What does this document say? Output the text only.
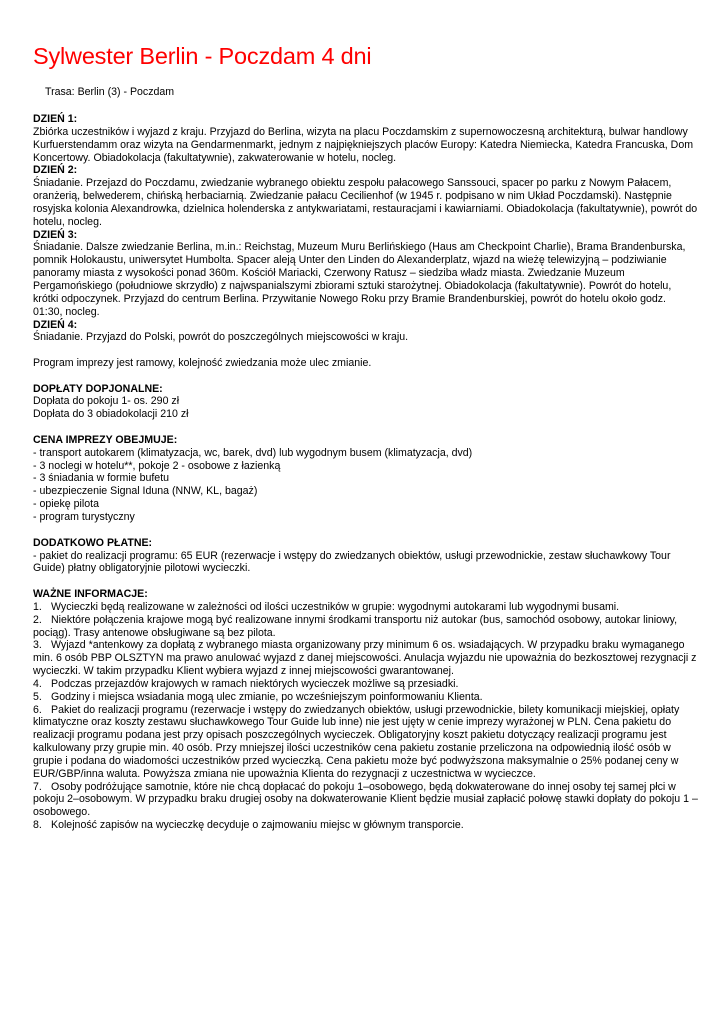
Sylwester Berlin - Poczdam 4 dni
Trasa: Berlin (3) - Poczdam

DZIEŃ 1:

Zbiórka uczestników i wyjazd z kraju. Przyjazd do Berlina, wizyta na placu Poczdamskim z supernowoczesną architekturą, bulwar handlowy Kurfuerstendamm oraz wizyta na Gendarmenmarkt, jednym z najpiękniejszych placów Europy: Katedra Niemiecka, Katedra Francuska, Dom Koncertowy. Obiadokolacja (fakultatywnie), zakwaterowanie w hotelu, nocleg.

DZIEŃ 2:

Śniadanie. Przejazd do Poczdamu, zwiedzanie wybranego obiektu zespołu pałacowego Sanssouci, spacer po parku z Nowym Pałacem, oranżerią, belwederem, chińską herbaciarnią. Zwiedzanie pałacu Cecilienhof (w 1945 r. podpisano w nim Układ Poczdamski). Następnie rosyjska kolonia Alexandrowka, dzielnica holenderska z antykwariatami, restauracjami i kawiarniami. Obiadokolacja (fakultatywnie), powrót do hotelu, nocleg.

DZIEŃ 3:

Śniadanie. Dalsze zwiedzanie Berlina, m.in.: Reichstag, Muzeum Muru Berlińskiego (Haus am Checkpoint Charlie), Brama Brandenburska, pomnik Holokaustu, uniwersytet Humbolta. Spacer aleją Unter den Linden do Alexanderplatz, wjazd na wieżę telewizyjną – podziwianie panoramy miasta z wysokości ponad 360m. Kościół Mariacki, Czerwony Ratusz – siedziba władz miasta. Zwiedzanie Muzeum Pergamońskiego (południowe skrzydło) z najwspanialszymi zbiorami sztuki starożytnej. Obiadokolacja (fakultatywnie). Powrót do hotelu, krótki odpoczynek. Przyjazd do centrum Berlina. Przywitanie Nowego Roku przy Bramie Brandenburskiej, powrót do hotelu około godz. 01:30, nocleg.

DZIEŃ 4:

Śniadanie. Przyjazd do Polski, powrót do poszczególnych miejscowości w kraju.

Program imprezy jest ramowy, kolejność zwiedzania może ulec zmianie.

DOPŁATY DOPJONALNE:

Dopłata do pokoju 1- os. 290 zł

Dopłata do 3 obiadokolacji 210 zł

CENA IMPREZY OBEJMUJE:

- transport autokarem (klimatyzacja, wc, barek, dvd) lub wygodnym busem (klimatyzacja, dvd)
- 3 noclegi w hotelu**, pokoje 2 - osobowe z łazienką
- 3 śniadania w formie bufetu
- ubezpieczenie Signal Iduna (NNW, KL, bagaż)
- opiekę pilota
- program turystyczny

DODATKOWO PŁATNE:

- pakiet do realizacji programu: 65 EUR (rezerwacje i wstępy do zwiedzanych obiektów, usługi przewodnickie, zestaw słuchawkowy Tour Guide) płatny obligatoryjnie pilotowi wycieczki.

WAŻNE INFORMACJE:

1. Wycieczki będą realizowane w zależności od ilości uczestników w grupie: wygodnymi autokarami lub wygodnymi busami.
2. Niektóre połączenia krajowe mogą być realizowane innymi środkami transportu niż autokar (bus, samochód osobowy, autokar liniowy, pociąg). Trasy antenowe obsługiwane są bez pilota.
3. Wyjazd *antenkowy za dopłatą z wybranego miasta organizowany przy minimum 6 os. wsiadających. W przypadku braku wymaganego min. 6 osób PBP OLSZTYN ma prawo anulować wyjazd z danej miejscowości. Anulacja wyjazdu nie upoważnia do bezkosztowej rezygnacji z wycieczki. W takim przypadku Klient wybiera wyjazd z innej miejscowości gwarantowanej.
4. Podczas przejazdów krajowych w ramach niektórych wycieczek możliwe są przesiadki.
5. Godziny i miejsca wsiadania mogą ulec zmianie, po wcześniejszym poinformowaniu Klienta.
6. Pakiet do realizacji programu (rezerwacje i wstępy do zwiedzanych obiektów, usługi przewodnickie, bilety komunikacji miejskiej, opłaty klimatyczne oraz koszty zestawu słuchawkowego Tour Guide lub inne) nie jest ujęty w cenie imprezy wyrażonej w PLN. Cena pakietu do realizacji programu podana jest przy opisach poszczególnych wycieczek. Obligatoryjny koszt pakietu dotyczący realizacji programu jest kalkulowany przy grupie min. 40 osób. Przy mniejszej ilości uczestników cena pakietu zostanie przeliczona na odpowiednią ilość osób w grupie i podana do wiadomości uczestników przed wycieczką. Cena pakietu może być podwyższona maksymalnie o 25% podanej ceny w EUR/GBP/inna waluta. Powyższa zmiana nie upoważnia Klienta do rezygnacji z uczestnictwa w wycieczce.
7. Osoby podróżujące samotnie, które nie chcą dopłacać do pokoju 1–osobowego, będą dokwaterowane do innej osoby tej samej płci w pokoju 2–osobowym. W przypadku braku drugiej osoby na dokwaterowanie Klient będzie musiał zapłacić połowę stawki dopłaty do pokoju 1 – osobowego.
8. Kolejność zapisów na wycieczkę decyduje o zajmowaniu miejsc w głównym transporcie.
